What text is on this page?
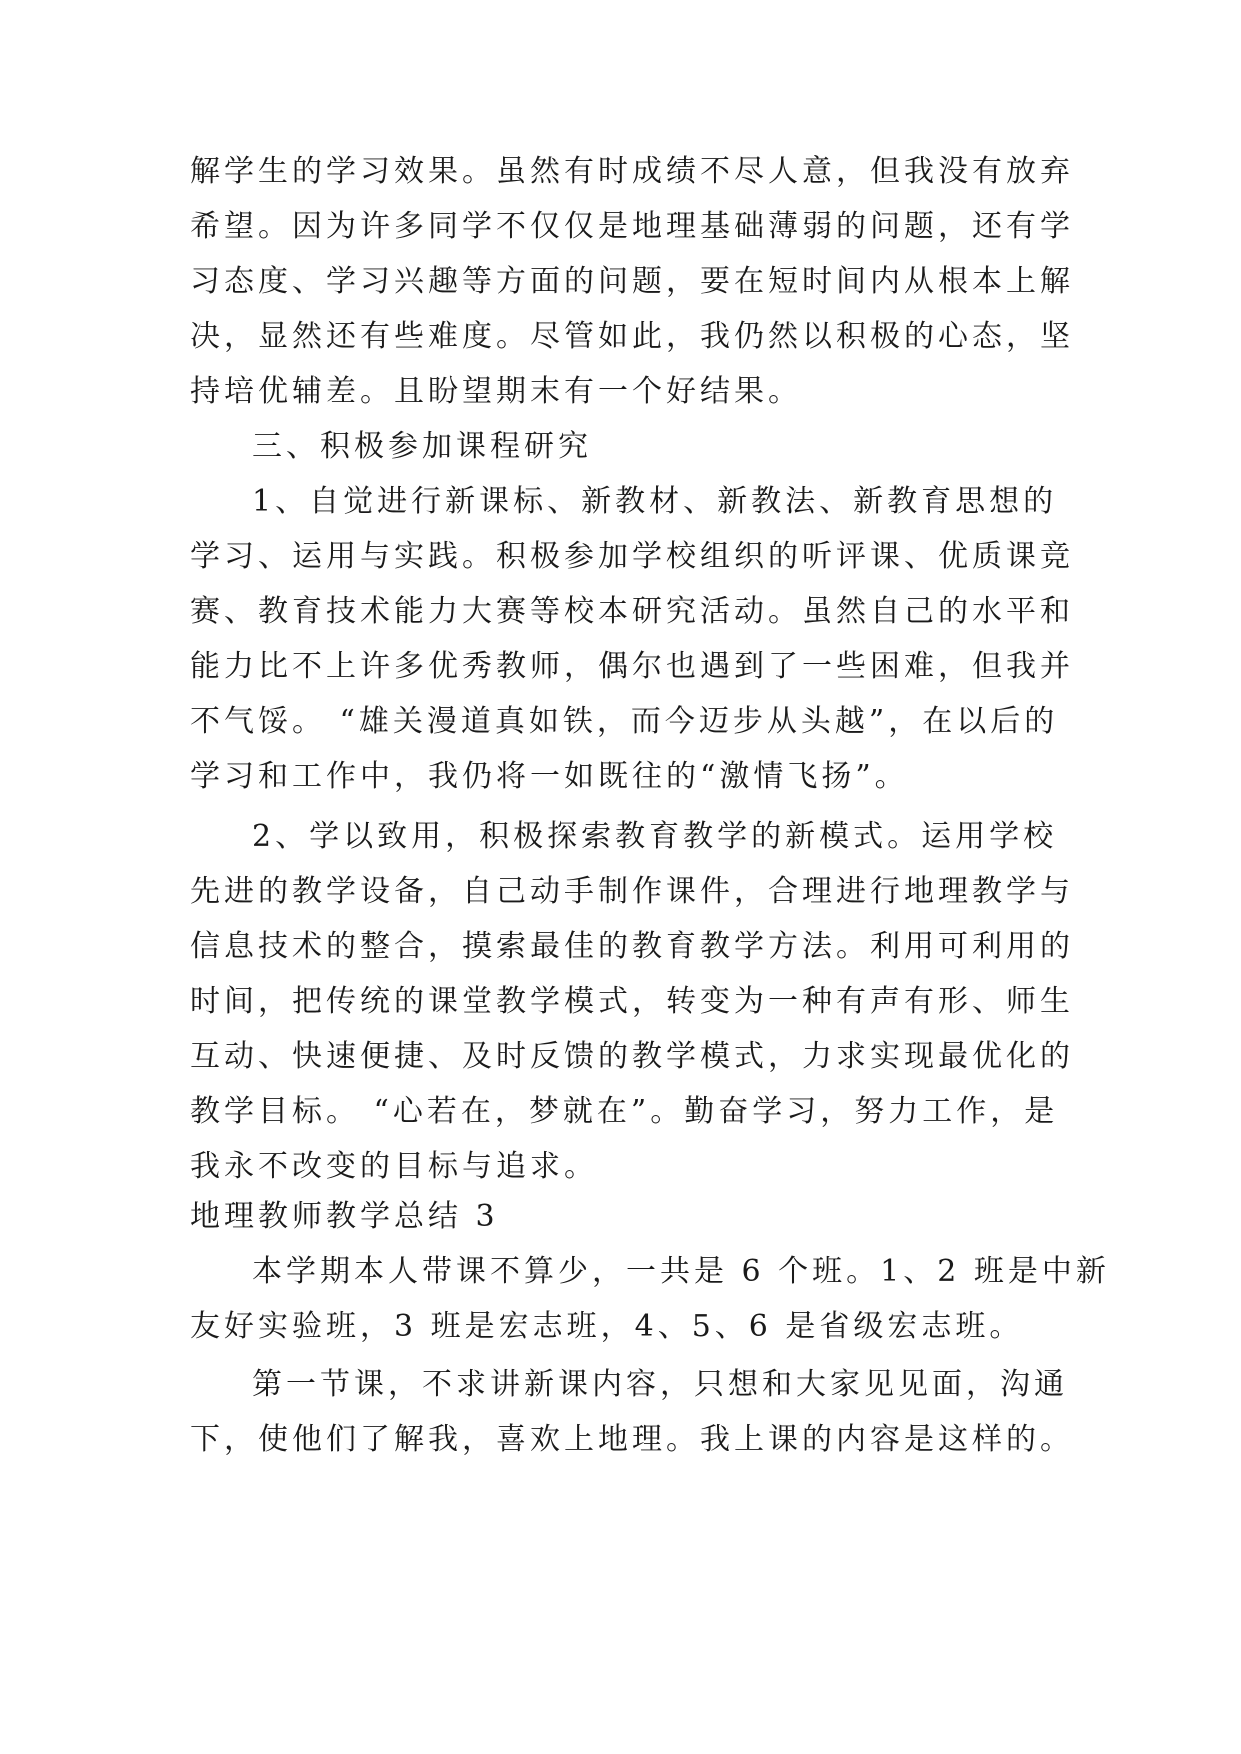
解学生的学习效果。虽然有时成绩不尽人意，但我没有放弃
希望。因为许多同学不仅仅是地理基础薄弱的问题，还有学
习态度、学习兴趣等方面的问题，要在短时间内从根本上解
决，显然还有些难度。尽管如此，我仍然以积极的心态，坚
持培优辅差。且盼望期末有一个好结果。
三、积极参加课程研究
1、自觉进行新课标、新教材、新教法、新教育思想的
学习、运用与实践。积极参加学校组织的听评课、优质课竞
赛、教育技术能力大赛等校本研究活动。虽然自己的水平和
能力比不上许多优秀教师，偶尔也遇到了一些困难，但我并
不气馁。 “雄关漫道真如铁，而今迈步从头越”，在以后的
学习和工作中，我仍将一如既往的“激情飞扬”。
2、学以致用，积极探索教育教学的新模式。运用学校
先进的教学设备，自己动手制作课件，合理进行地理教学与
信息技术的整合，摸索最佳的教育教学方法。利用可利用的
时间，把传统的课堂教学模式，转变为一种有声有形、师生
互动、快速便捷、及时反馈的教学模式，力求实现最优化的
教学目标。 “心若在，梦就在”。勤奋学习，努力工作，是
我永不改变的目标与追求。
地理教师教学总结 3
本学期本人带课不算少，一共是 6 个班。1、2 班是中新
友好实验班，3 班是宏志班，4、5、6 是省级宏志班。
第一节课，不求讲新课内容，只想和大家见见面，沟通
下，使他们了解我，喜欢上地理。我上课的内容是这样的。
